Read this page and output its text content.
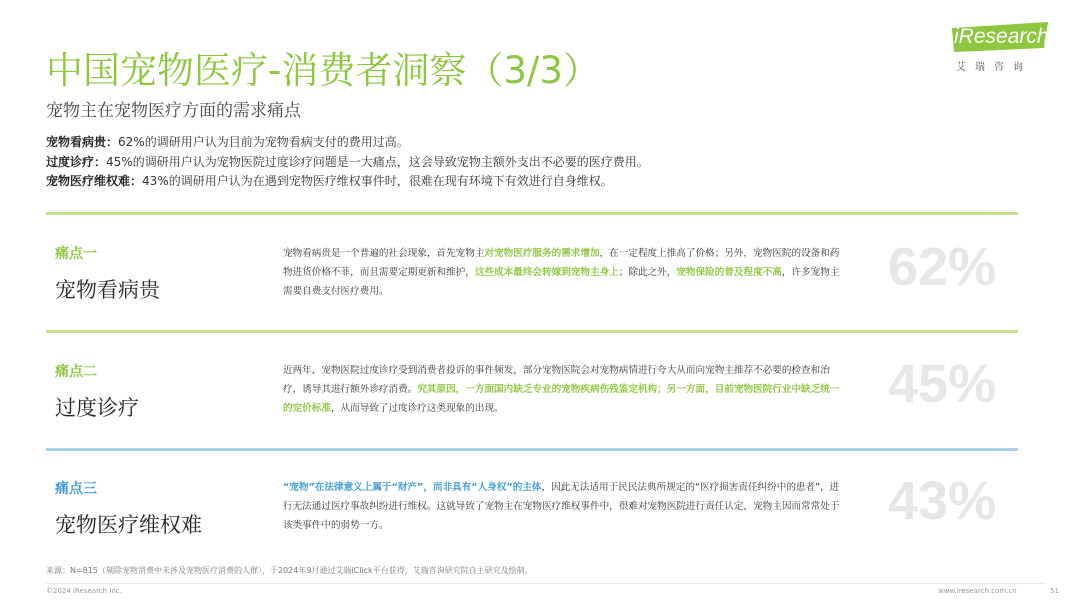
中国宠物医疗-消费者洞察（3/3）
宠物主在宠物医疗方面的需求痛点
iResearch
艾瑞咨询
宠物看病贵：62%的调研用户认为目前为宠物看病支付的费用过高。
过度诊疗：45%的调研用户认为宠物医院过度诊疗问题是一大痛点，这会导致宠物主额外支出不必要的医疗费用。
宠物医疗维权难：43%的调研用户认为在遇到宠物医疗维权事件时，很难在现有环境下有效进行自身维权。
痛点一
宠物看病贵
宠物看病贵是一个普遍的社会现象，首先宠物主对宠物医疗服务的需求增加，在一定程度上推高了价格；另外，宠物医院的设备和药物进货价格不菲，而且需要定期更新和维护，这些成本最终会转嫁到宠物主身上；除此之外，宠物保险的普及程度不高，许多宠物主需要自费支付医疗费用。	62%
痛点二
过度诊疗
近两年，宠物医院过度诊疗受到消费者投诉的事件频发，部分宠物医院会对宠物病情进行夸大从而向宠物主推荐不必要的检查和治疗，诱导其进行额外诊疗消费。究其原因，一方面国内缺乏专业的宠物疾病伤残鉴定机构；另一方面，目前宠物医院行业中缺乏统一的定价标准，从而导致了过度诊疗这类现象的出现。	45%
痛点三
宠物医疗维权难
“宠物”在法律意义上属于“财产”，而非具有“人身权”的主体，因此无法适用于民民法典所规定的“医疗损害责任纠纷中的患者”，进行无法通过医疗事故纠纷进行维权。这就导致了宠物主在宠物医疗维权事件中，很难对宠物医院进行责任认定，宠物主因而常常处于该类事件中的弱势一方。	43%
来源：N=815（剔除宠物消费中未涉及宠物医疗消费的人群），于2024年9月通过艾瑞iClick平台获得，艾瑞咨询研究院自主研究及绘制。
©2024 iResearch Inc.	www.iresearch.com.cn	51
